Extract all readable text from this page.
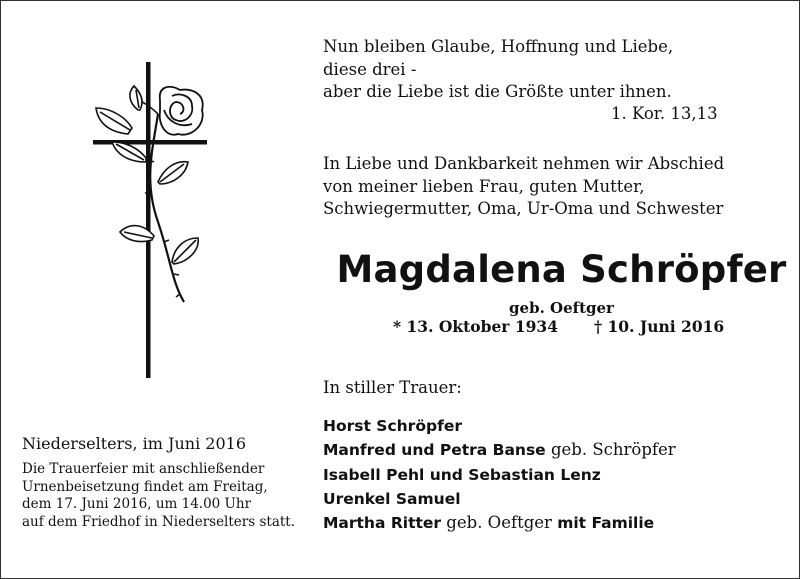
Nun bleiben Glaube, Hoffnung und Liebe,
diese drei -
aber die Liebe ist die Größte unter ihnen.
1. Kor. 13,13
In Liebe und Dankbarkeit nehmen wir Abschied
von meiner lieben Frau, guten Mutter,
Schwiegermutter, Oma, Ur-Oma und Schwester
Magdalena Schröpfer
geb. Oeftger
* 13. Oktober 1934 † 10. Juni 2016
In stiller Trauer:
Horst Schröpfer
Manfred und Petra Banse geb. Schröpfer
Isabell Pehl und Sebastian Lenz
Urenkel Samuel
Martha Ritter geb. Oeftger mit Familie
Niederselters, im Juni 2016
Die Trauerfeier mit anschließender
Urnenbeisetzung findet am Freitag,
dem 17. Juni 2016, um 14.00 Uhr
auf dem Friedhof in Niederselters statt.
